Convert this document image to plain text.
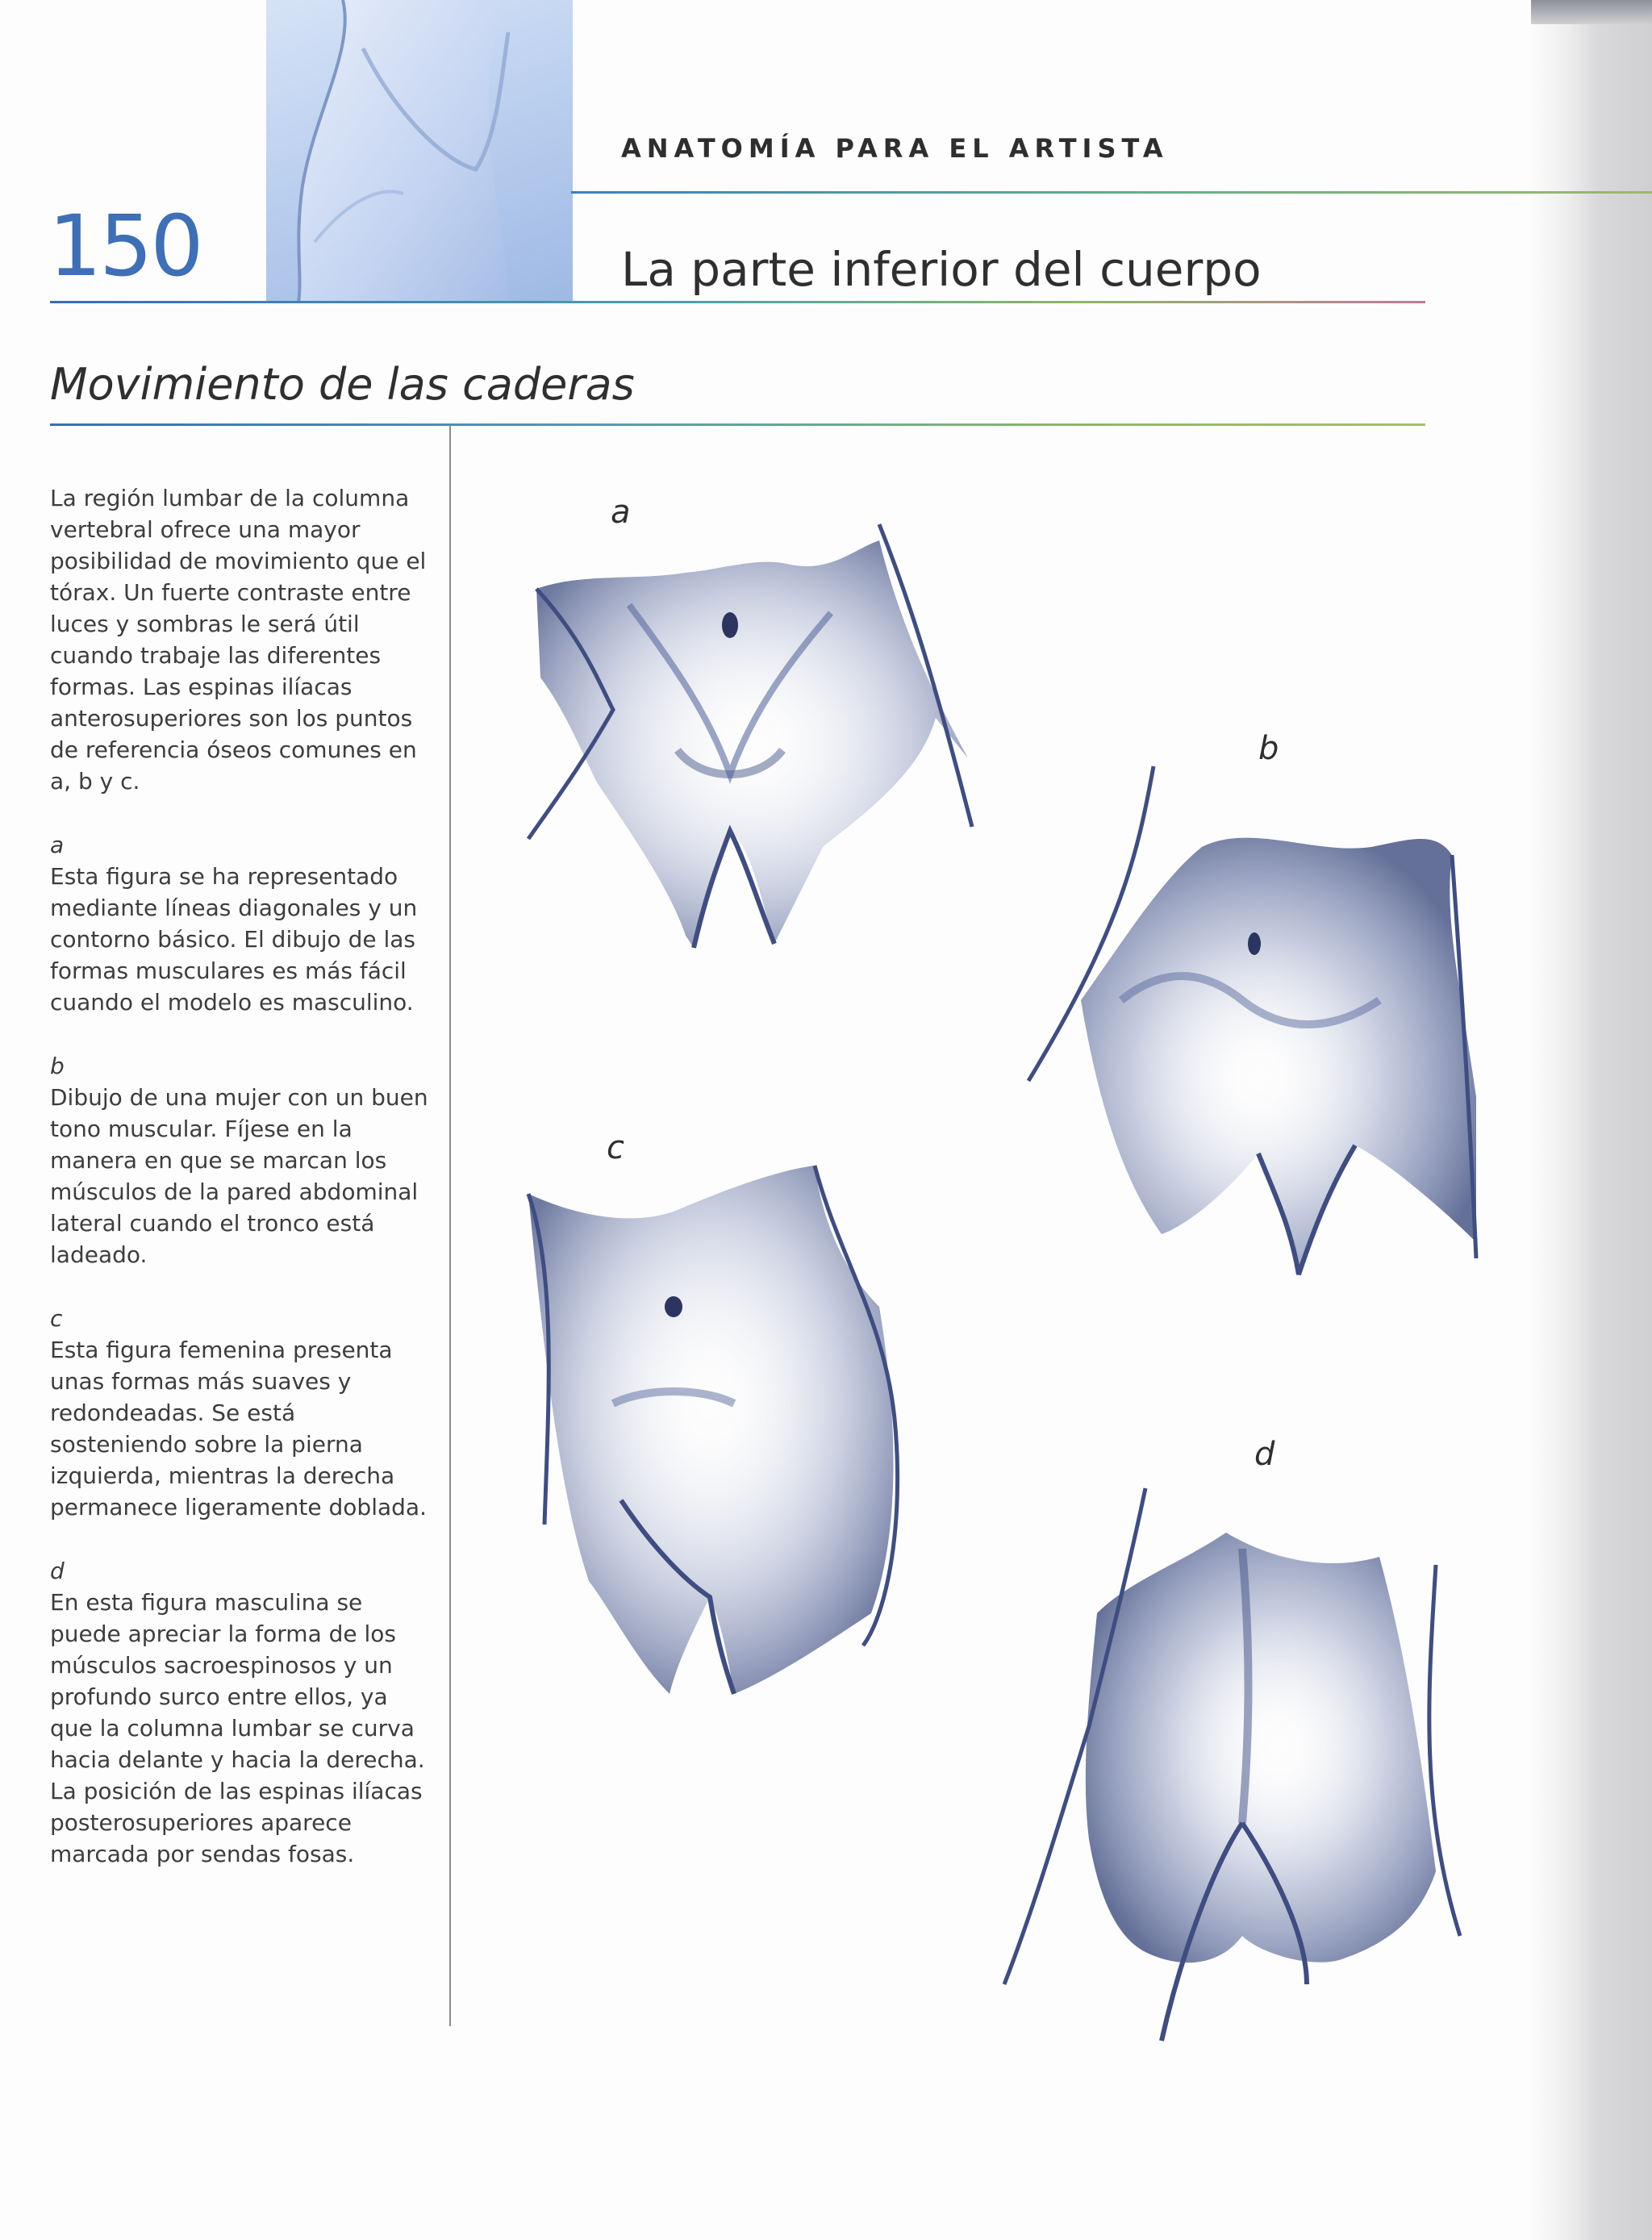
150
ANATOMÍA PARA EL ARTISTA
La parte inferior del cuerpo
Movimiento de las caderas

La región lumbar de la columna vertebral ofrece una mayor posibilidad de movimiento que el tórax. Un fuerte contraste entre luces y sombras le será útil cuando trabaje las diferentes formas. Las espinas ilíacas anterosuperiores son los puntos de referencia óseos comunes en a, b y c.

a
Esta figura se ha representado mediante líneas diagonales y un contorno básico. El dibujo de las formas musculares es más fácil cuando el modelo es masculino.

b
Dibujo de una mujer con un buen tono muscular. Fíjese en la manera en que se marcan los músculos de la pared abdominal lateral cuando el tronco está ladeado.

c
Esta figura femenina presenta unas formas más suaves y redondeadas. Se está sosteniendo sobre la pierna izquierda, mientras la derecha permanece ligeramente doblada.

d
En esta figura masculina se puede apreciar la forma de los músculos sacroespinosos y un profundo surco entre ellos, ya que la columna lumbar se curva hacia delante y hacia la derecha. La posición de las espinas ilíacas posterosuperiores aparece marcada por sendas fosas.

a
b
c
d
